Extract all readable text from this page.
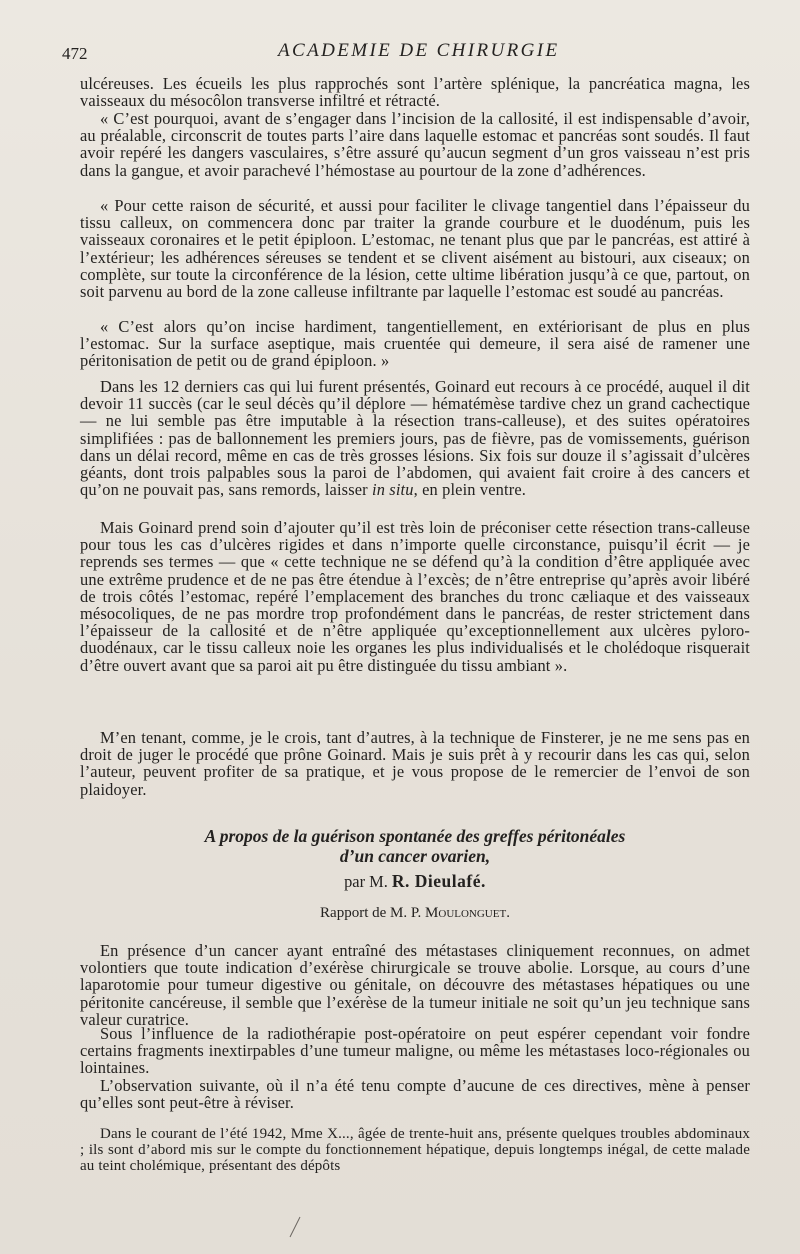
472	ACADEMIE DE CHIRURGIE

ulcéreuses. Les écueils les plus rapprochés sont l’artère splénique, la pancréatica magna, les vaisseaux du mésocôlon transverse infiltré et rétracté.

« C’est pourquoi, avant de s’engager dans l’incision de la callosité, il est indispensable d’avoir, au préalable, circonscrit de toutes parts l’aire dans laquelle estomac et pancréas sont soudés. Il faut avoir repéré les dangers vasculaires, s’être assuré qu’aucun segment d’un gros vaisseau n’est pris dans la gangue, et avoir parachevé l’hémostase au pourtour de la zone d’adhérences.

« Pour cette raison de sécurité, et aussi pour faciliter le clivage tangentiel dans l’épaisseur du tissu calleux, on commencera donc par traiter la grande courbure et le duodénum, puis les vaisseaux coronaires et le petit épiploon. L’estomac, ne tenant plus que par le pancréas, est attiré à l’extérieur; les adhérences séreuses se tendent et se clivent aisément au bistouri, aux ciseaux; on complète, sur toute la circonférence de la lésion, cette ultime libération jusqu’à ce que, partout, on soit parvenu au bord de la zone calleuse infiltrante par laquelle l’estomac est soudé au pancréas.

« C’est alors qu’on incise hardiment, tangentiellement, en extériorisant de plus en plus l’estomac. Sur la surface aseptique, mais cruentée qui demeure, il sera aisé de ramener une péritonisation de petit ou de grand épiploon. »

Dans les 12 derniers cas qui lui furent présentés, Goinard eut recours à ce procédé, auquel il dit devoir 11 succès (car le seul décès qu’il déplore — hématémèse tardive chez un grand cachectique — ne lui semble pas être imputable à la résection trans-calleuse), et des suites opératoires simplifiées : pas de ballonnement les premiers jours, pas de fièvre, pas de vomissements, guérison dans un délai record, même en cas de très grosses lésions. Six fois sur douze il s’agissait d’ulcères géants, dont trois palpables sous la paroi de l’abdomen, qui avaient fait croire à des cancers et qu’on ne pouvait pas, sans remords, laisser in situ, en plein ventre.

Mais Goinard prend soin d’ajouter qu’il est très loin de préconiser cette résection trans-calleuse pour tous les cas d’ulcères rigides et dans n’importe quelle circonstance, puisqu’il écrit — je reprends ses termes — que « cette technique ne se défend qu’à la condition d’être appliquée avec une extrême prudence et de ne pas être étendue à l’excès; de n’être entreprise qu’après avoir libéré de trois côtés l’estomac, repéré l’emplacement des branches du tronc cæliaque et des vaisseaux mésocoliques, de ne pas mordre trop profondément dans le pancréas, de rester strictement dans l’épaisseur de la callosité et de n’être appliquée qu’exceptionnellement aux ulcères pyloro-duodénaux, car le tissu calleux noie les organes les plus individualisés et le cholédoque risquerait d’être ouvert avant que sa paroi ait pu être distinguée du tissu ambiant ».

M’en tenant, comme, je le crois, tant d’autres, à la technique de Finsterer, je ne me sens pas en droit de juger le procédé que prône Goinard. Mais je suis prêt à y recourir dans les cas qui, selon l’auteur, peuvent profiter de sa pratique, et je vous propose de le remercier de l’envoi de son plaidoyer.

A propos de la guérison spontanée des greffes péritonéales
d’un cancer ovarien,

par M. R. Dieulafé.
Rapport de M. P. Moulonguet.

En présence d’un cancer ayant entraîné des métastases cliniquement reconnues, on admet volontiers que toute indication d’exérèse chirurgicale se trouve abolie. Lorsque, au cours d’une laparotomie pour tumeur digestive ou génitale, on découvre des métastases hépatiques ou une péritonite cancéreuse, il semble que l’exérèse de la tumeur initiale ne soit qu’un jeu technique sans valeur curatrice.

Sous l’influence de la radiothérapie post-opératoire on peut espérer cependant voir fondre certains fragments inextirpables d’une tumeur maligne, ou même les métastases loco-régionales ou lointaines.

L’observation suivante, où il n’a été tenu compte d’aucune de ces directives, mène à penser qu’elles sont peut-être à réviser.

Dans le courant de l’été 1942, Mme X..., âgée de trente-huit ans, présente quelques troubles abdominaux ; ils sont d’abord mis sur le compte du fonctionnement hépatique, depuis longtemps inégal, de cette malade au teint cholémique, présentant des dépôts
